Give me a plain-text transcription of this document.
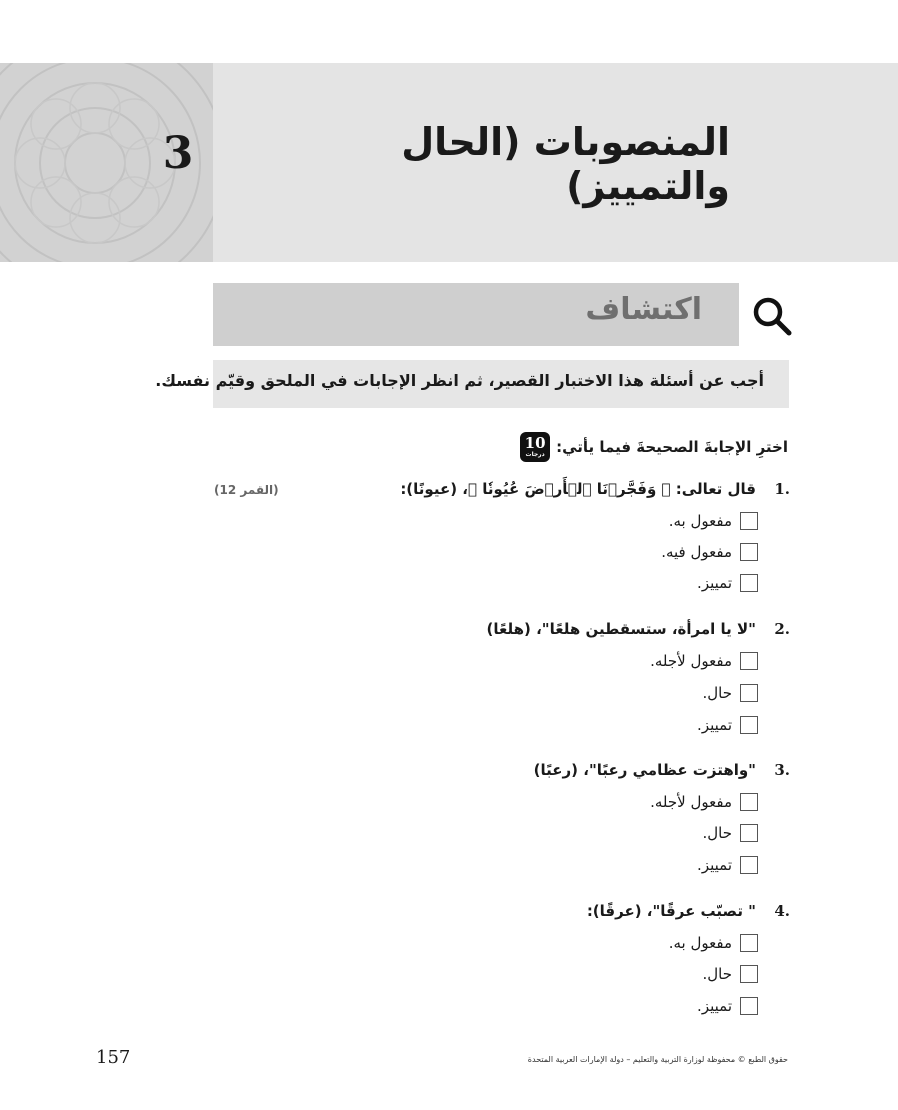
3	المنصوبات (الحال والتمييز)
اكتشاف
أجب عن أسئلة هذا الاختبار القصير، ثم انظر الإجابات في الملحق وقيّم نفسك.
اخترِ الإجابةَ الصحيحةَ فيما يأتي:
10
درجات
.1قال تعالى: ﴿ وَفَجَّرۡنَا ٱلۡأَرۡضَ عُيُونٗا ﴾، (عيونًا):
(القمر 12)
مفعول به.
مفعول فيه.
تمييز.
.2"لا يا امرأة، ستسقطين هلعًا"، (هلعًا)
مفعول لأجله.
حال.
تمييز.
.3"واهتزت عظامي رعبًا"، (رعبًا)
مفعول لأجله.
حال.
تمييز.
.4" تصبّب عرقًا"، (عرقًا):
مفعول به.
حال.
تمييز.
157	حقوق الطبع © محفوظة لوزارة التربية والتعليم – دولة الإمارات العربية المتحدة
